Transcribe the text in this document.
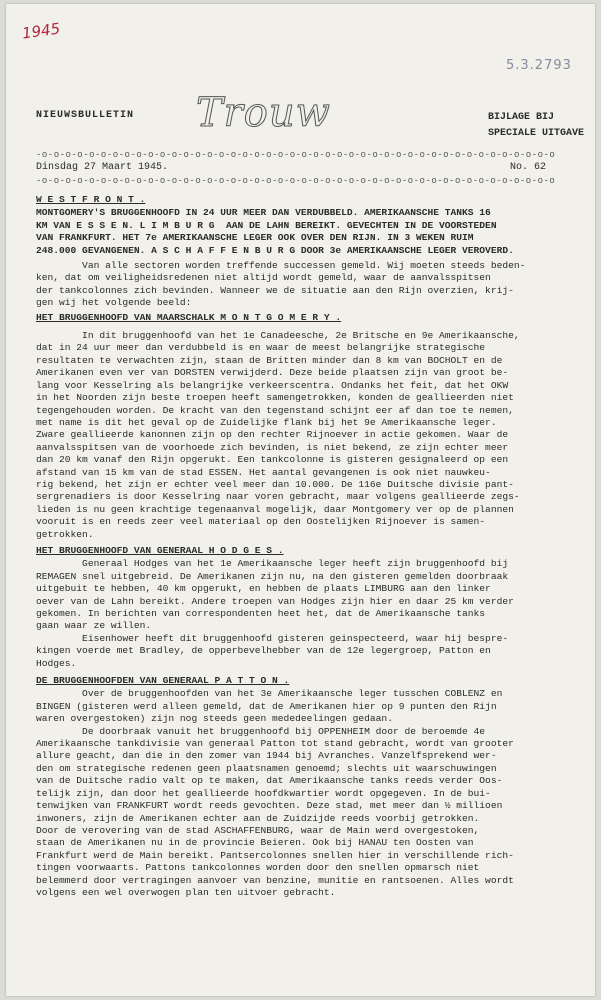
1945
5.3.2793
NIEUWSBULLETIN Trouw	BIJLAGE BIJ
SPECIALE UITGAVE
-o-o-o-o-o-o-o-o-o-o-o-o-o-o-o-o-o-o-o-o-o-o-o-o-o-o-o-o-o-o-o-o-o-o-o-o-o-o-o-o-o-o-o-o
Dinsdag 27 Maart 1945.	No. 62
-o-o-o-o-o-o-o-o-o-o-o-o-o-o-o-o-o-o-o-o-o-o-o-o-o-o-o-o-o-o-o-o-o-o-o-o-o-o-o-o-o-o-o-o

W E S T F R O N T .

MONTGOMERY'S BRUGGENHOOFD IN 24 UUR MEER DAN VERDUBBELD. AMERIKAANSCHE TANKS 16

KM VAN E S S E N. L I M B U R G  AAN DE LAHN BEREIKT. GEVECHTEN IN DE VOORSTEDEN

VAN FRANKFURT. HET 7e AMERIKAANSCHE LEGER OOK OVER DEN RIJN. IN 3 WEKEN RUIM

248.000 GEVANGENEN. A S C H A F F E N B U R G DOOR 3e AMERIKAANSCHE LEGER VEROVERD.

Van alle sectoren worden treffende successen gemeld. Wij moeten steeds beden-

ken, dat om veiligheidsredenen niet altijd wordt gemeld, waar de aanvalsspitsen

der tankcolonnes zich bevinden. Wanneer we de situatie aan den Rijn overzien, krij-

gen wij het volgende beeld:

HET BRUGGENHOOFD VAN MAARSCHALK M O N T G O M E R Y .

In dit bruggenhoofd van het 1e Canadeesche, 2e Britsche en 9e Amerikaansche,

dat in 24 uur meer dan verdubbeld is en waar de meest belangrijke strategische

resultaten te verwachten zijn, staan de Britten minder dan 8 km van BOCHOLT en de

Amerikanen even ver van DORSTEN verwijderd. Deze beide plaatsen zijn van groot be-

lang voor Kesselring als belangrijke verkeerscentra. Ondanks het feit, dat het OKW

in het Noorden zijn beste troepen heeft samengetrokken, konden de geallieerden niet

tegengehouden worden. De kracht van den tegenstand schijnt eer af dan toe te nemen,

met name is dit het geval op de Zuidelijke flank bij het 9e Amerikaansche leger.

Zware geallieerde kanonnen zijn op den rechter Rijnoever in actie gekomen. Waar de

aanvalsspitsen van de voorhoede zich bevinden, is niet bekend, ze zijn echter meer

dan 20 km vanaf den Rijn opgerukt. Een tankcolonne is gisteren gesignaleerd op een

afstand van 15 km van de stad ESSEN. Het aantal gevangenen is ook niet nauwkeu-

rig bekend, het zijn er echter veel meer dan 10.000. De 116e Duitsche divisie pant-

sergrenadiers is door Kesselring naar voren gebracht, maar volgens geallieerde zegs-

lieden is nu geen krachtige tegenaanval mogelijk, daar Montgomery ver op de plannen

vooruit is en reeds zeer veel materiaal op den Oostelijken Rijnoever is samen-

getrokken.

HET BRUGGENHOOFD VAN GENERAAL H O D G E S .

Generaal Hodges van het 1e Amerikaansche leger heeft zijn bruggenhoofd bij

REMAGEN snel uitgebreid. De Amerikanen zijn nu, na den gisteren gemelden doorbraak

uitgebuit te hebben, 40 km opgerukt, en hebben de plaats LIMBURG aan den linker

oever van de Lahn bereikt. Andere troepen van Hodges zijn hier en daar 25 km verder

gekomen. In berichten van correspondenten heet het, dat de Amerikaansche tanks

gaan waar ze willen.

Eisenhower heeft dit bruggenhoofd gisteren geinspecteerd, waar hij bespre-

kingen voerde met Bradley, de opperbevelhebber van de 12e legergroep, Patton en

Hodges.

DE BRUGGENHOOFDEN VAN GENERAAL P A T T O N .

Over de bruggenhoofden van het 3e Amerikaansche leger tusschen COBLENZ en

BINGEN (gisteren werd alleen gemeld, dat de Amerikanen hier op 9 punten den Rijn

waren overgestoken) zijn nog steeds geen mededeelingen gedaan.

De doorbraak vanuit het bruggenhoofd bij OPPENHEIM door de beroemde 4e

Amerikaansche tankdivisie van generaal Patton tot stand gebracht, wordt van grooter

allure geacht, dan die in den zomer van 1944 bij Avranches. Vanzelfsprekend wer-

den om strategische redenen geen plaatsnamen genoemd; slechts uit waarschuwingen

van de Duitsche radio valt op te maken, dat Amerikaansche tanks reeds verder Oos-

telijk zijn, dan door het geallieerde hoofdkwartier wordt opgegeven. In de bui-

tenwijken van FRANKFURT wordt reeds gevochten. Deze stad, met meer dan ½ millioen

inwoners, zijn de Amerikanen echter aan de Zuidzijde reeds voorbij getrokken.

Door de verovering van de stad ASCHAFFENBURG, waar de Main werd overgestoken,

staan de Amerikanen nu in de provincie Beieren. Ook bij HANAU ten Oosten van

Frankfurt werd de Main bereikt. Pantsercolonnes snellen hier in verschillende rich-

tingen voorwaarts. Pattons tankcolonnes worden door den snellen opmarsch niet

belemmerd door vertragingen aanvoer van benzine, munitie en rantsoenen. Alles wordt

volgens een wel overwogen plan ten uitvoer gebracht.
